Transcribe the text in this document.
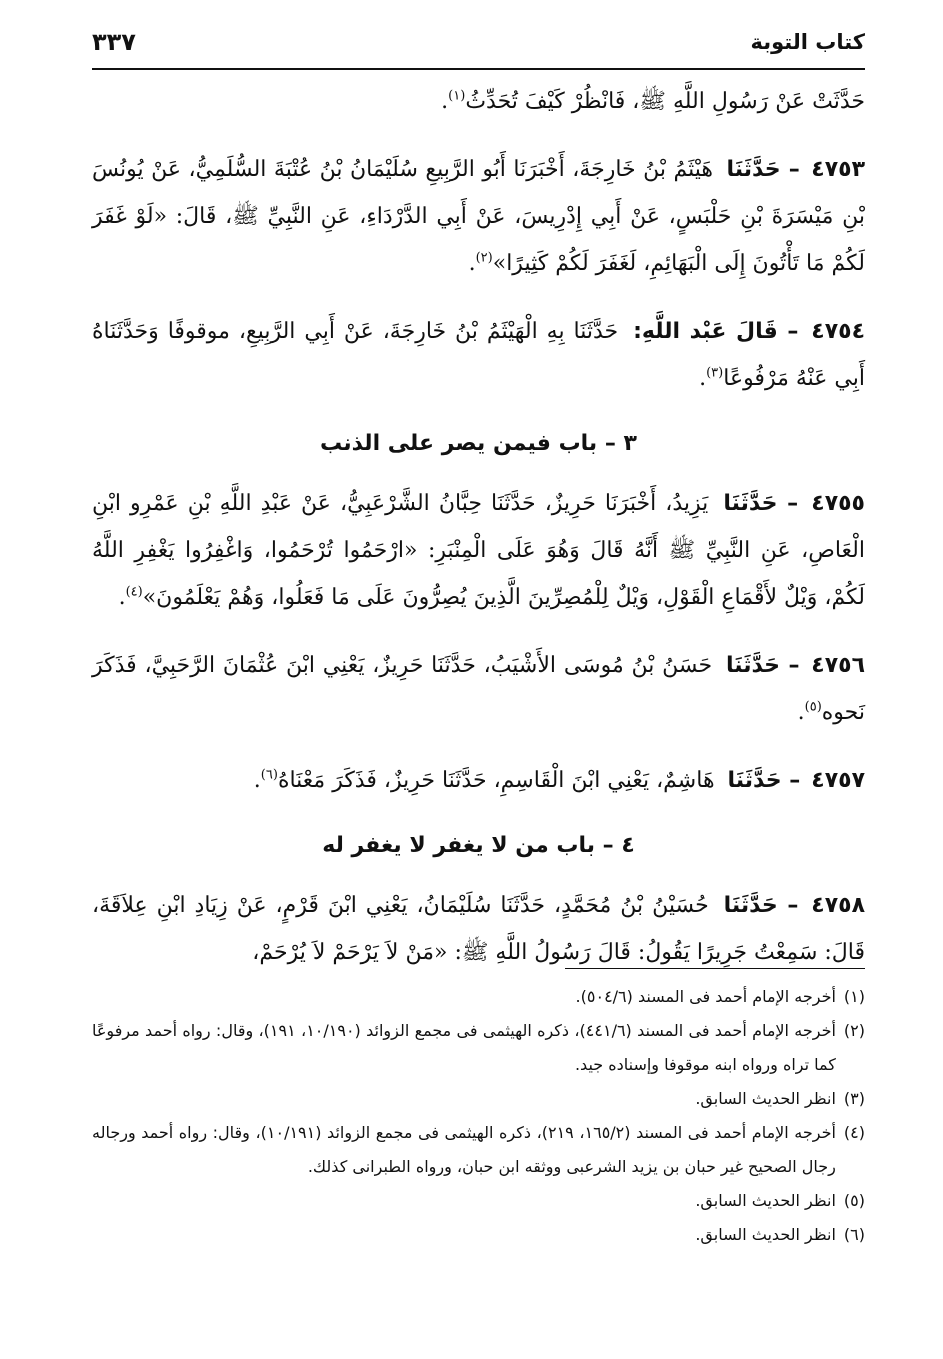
كتاب التوبة
٣٣٧

حَدَّثَتْ عَنْ رَسُولِ اللَّهِ ﷺ، فَانْظُرْ كَيْفَ تُحَدِّثُ$^{(١)}$.

٤٧٥٣ – حَدَّثَنَا هَيْثَمُ بْنُ خَارِجَةَ، أَخْبَرَنَا أَبُو الرَّبِيعِ سُلَيْمَانُ بْنُ عُتْبَةَ السُّلَمِيُّ، عَنْ يُونُسَ بْنِ مَيْسَرَةَ بْنِ حَلْبَسٍ، عَنْ أَبِي إِدْرِيسَ، عَنْ أَبِي الدَّرْدَاءِ، عَنِ النَّبِيِّ ﷺ، قَالَ: «لَوْ غَفَرَ لَكُمْ مَا تَأْتُونَ إِلَى الْبَهَائِمِ، لَغَفَرَ لَكُمْ كَثِيرًا»$^{(٢)}$.

٤٧٥٤ – قَالَ عَبْد اللَّهِ: حَدَّثَنَا بِهِ الْهَيْثَمُ بْنُ خَارِجَةَ، عَنْ أَبِي الرَّبِيعِ، موقوفًا وَحَدَّثَنَاهُ أَبِي عَنْهُ مَرْفُوعًا$^{(٣)}$.

٣ – باب فيمن يصر على الذنب

٤٧٥٥ – حَدَّثَنَا يَزِيدُ، أَخْبَرَنَا حَرِيزٌ، حَدَّثَنَا حِبَّانُ الشَّرْعَبِيُّ، عَنْ عَبْدِ اللَّهِ بْنِ عَمْرِو ابْنِ الْعَاصِ، عَنِ النَّبِيِّ ﷺ أَنَّهُ قَالَ وَهُوَ عَلَى الْمِنْبَرِ: «ارْحَمُوا تُرْحَمُوا، وَاغْفِرُوا يَغْفِرِ اللَّهُ لَكُمْ، وَيْلٌ لأَقْمَاعِ الْقَوْلِ، وَيْلٌ لِلْمُصِرِّينَ الَّذِينَ يُصِرُّونَ عَلَى مَا فَعَلُوا، وَهُمْ يَعْلَمُونَ»$^{(٤)}$.

٤٧٥٦ – حَدَّثَنَا حَسَنُ بْنُ مُوسَى الأَشْيَبُ، حَدَّثَنَا حَرِيزٌ، يَعْنِي ابْنَ عُثْمَانَ الرَّحَبِيَّ، فَذَكَرَ نَحوه$^{(٥)}$.

٤٧٥٧ – حَدَّثَنَا هَاشِمٌ، يَعْنِي ابْنَ الْقَاسِمِ، حَدَّثَنَا حَرِيزٌ، فَذَكَرَ مَعْنَاهُ$^{(٦)}$.

٤ – باب من لا يغفر لا يغفر له

٤٧٥٨ – حَدَّثَنَا حُسَيْنُ بْنُ مُحَمَّدٍ، حَدَّثَنَا سُلَيْمَانُ، يَعْنِي ابْنَ قَرْمٍ، عَنْ زِيَادِ ابْنِ عِلاَقَةَ، قَالَ: سَمِعْتُ جَرِيرًا يَقُولُ: قَالَ رَسُولُ اللَّهِ ﷺ: «مَنْ لاَ يَرْحَمْ لاَ يُرْحَمْ،

(١)
أخرجه الإمام أحمد فى المسند (٥٠٤/٦).
(٢)
أخرجه الإمام أحمد فى المسند (٤٤١/٦)، ذكره الهيثمى فى مجمع الزوائد (١٠/١٩٠، ١٩١)، وقال: رواه أحمد مرفوعًا كما تراه ورواه ابنه موقوفا وإسناده جيد.
(٣)
انظر الحديث السابق.
(٤)
أخرجه الإمام أحمد فى المسند (١٦٥/٢، ٢١٩)، ذكره الهيثمى فى مجمع الزوائد (١٠/١٩١)، وقال: رواه أحمد ورجاله رجال الصحيح غير حبان بن يزيد الشرعبى ووثقه ابن حبان، ورواه الطبرانى كذلك.
(٥)
انظر الحديث السابق.
(٦)
انظر الحديث السابق.
